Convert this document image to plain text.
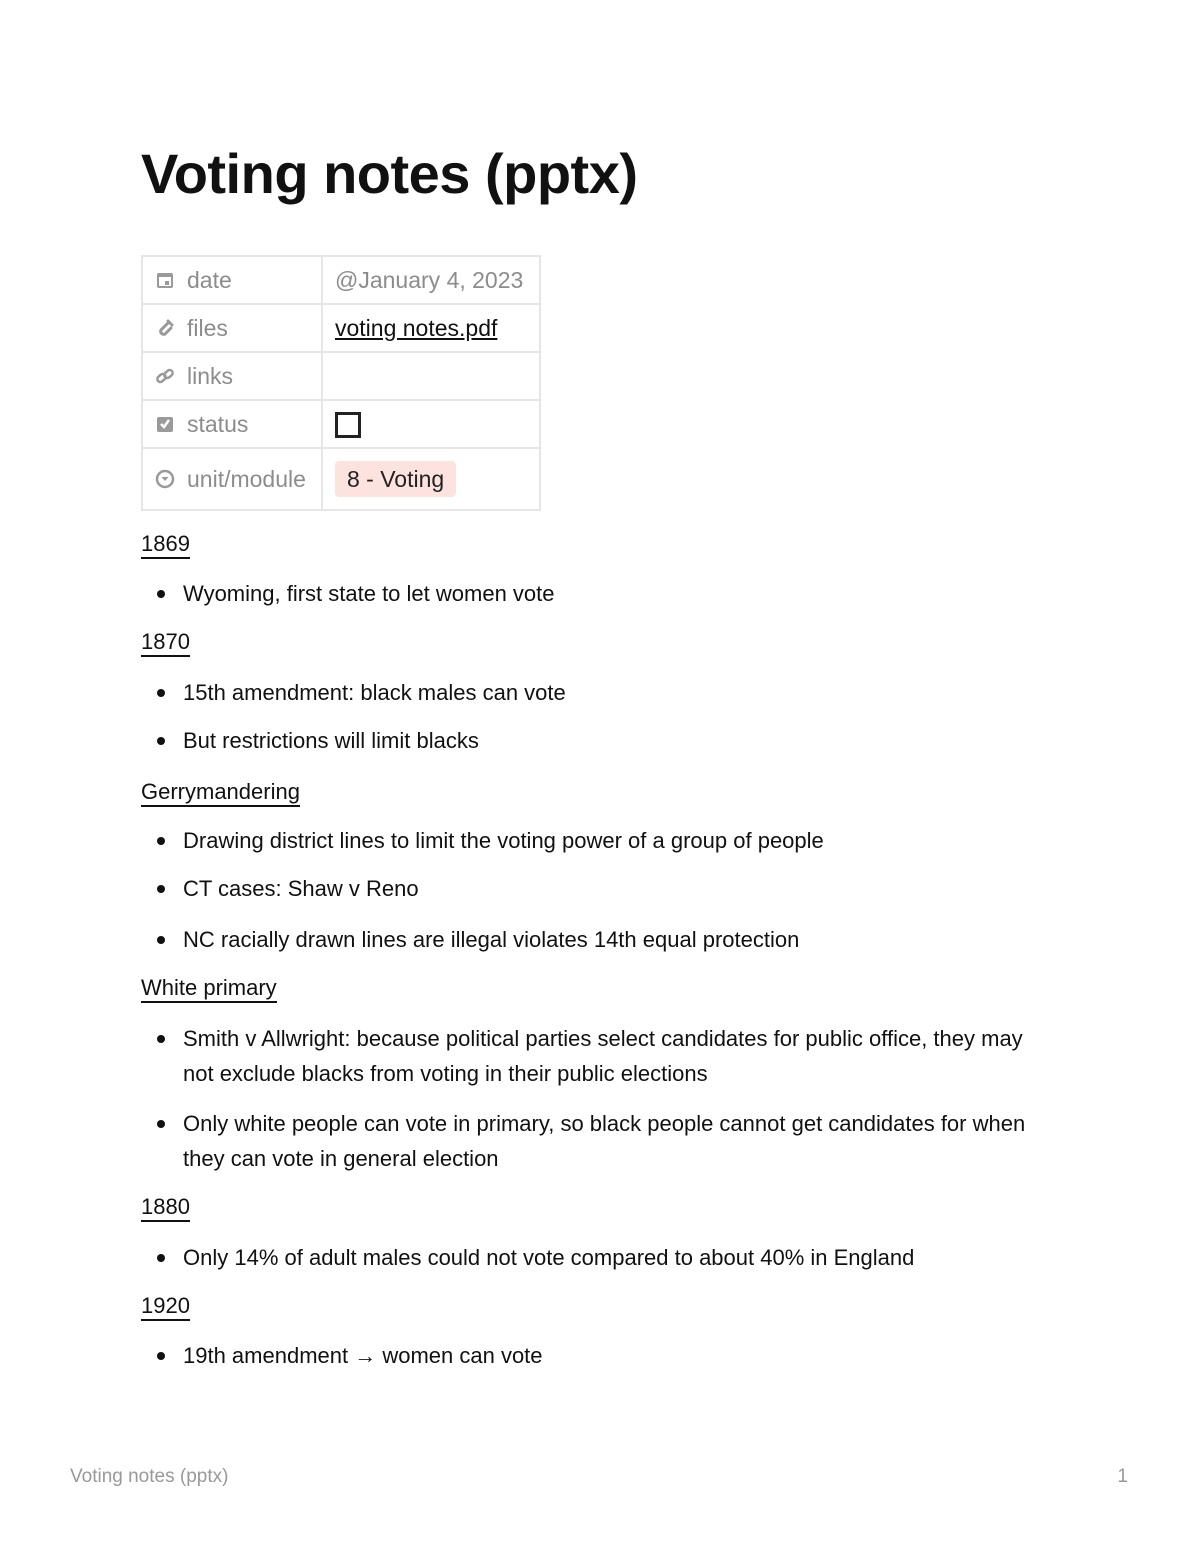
Voting notes (pptx)
date	@January 4, 2023

files	voting notes.pdf

links	

status	

unit/module	8 - Voting
1869
Wyoming, first state to let women vote
1870
15th amendment: black males can vote
But restrictions will limit blacks
Gerrymandering
Drawing district lines to limit the voting power of a group of people
CT cases: Shaw v Reno
NC racially drawn lines are illegal violates 14th equal protection
White primary
Smith v Allwright: because political parties select candidates for public office, they may not exclude blacks from voting in their public elections
Only white people can vote in primary, so black people cannot get candidates for when they can vote in general election
1880
Only 14% of adult males could not vote compared to about 40% in England
1920
19th amendment → women can vote
Voting notes (pptx)	1
